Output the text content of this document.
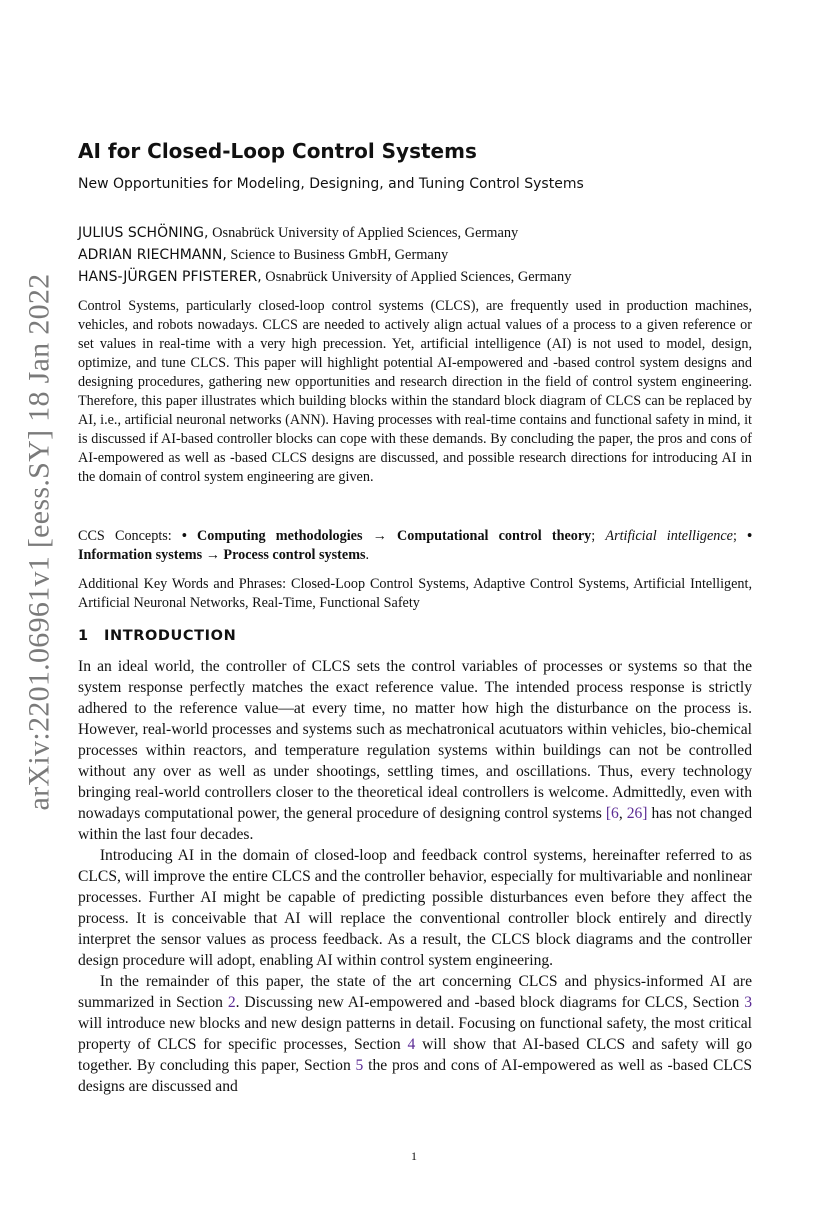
arXiv:2201.06961v1 [eess.SY] 18 Jan 2022
AI for Closed-Loop Control Systems
New Opportunities for Modeling, Designing, and Tuning Control Systems
JULIUS SCHÖNING, Osnabrück University of Applied Sciences, Germany
ADRIAN RIECHMANN, Science to Business GmbH, Germany
HANS-JÜRGEN PFISTERER, Osnabrück University of Applied Sciences, Germany

Control Systems, particularly closed-loop control systems (CLCS), are frequently used in production machines, vehicles, and robots nowadays. CLCS are needed to actively align actual values of a process to a given reference or set values in real-time with a very high precession. Yet, artificial intelligence (AI) is not used to model, design, optimize, and tune CLCS. This paper will highlight potential AI-empowered and -based control system designs and designing procedures, gathering new opportunities and research direction in the field of control system engineering. Therefore, this paper illustrates which building blocks within the standard block diagram of CLCS can be replaced by AI, i.e., artificial neuronal networks (ANN). Having processes with real-time contains and functional safety in mind, it is discussed if AI-based controller blocks can cope with these demands. By concluding the paper, the pros and cons of AI-empowered as well as -based CLCS designs are discussed, and possible research directions for introducing AI in the domain of control system engineering are given.

CCS Concepts: • Computing methodologies → Computational control theory; Artificial intelligence; • Information systems → Process control systems.

Additional Key Words and Phrases: Closed-Loop Control Systems, Adaptive Control Systems, Artificial Intelligent, Artificial Neuronal Networks, Real-Time, Functional Safety

1 INTRODUCTION

In an ideal world, the controller of CLCS sets the control variables of processes or systems so that the system response perfectly matches the exact reference value. The intended process response is strictly adhered to the reference value—at every time, no matter how high the disturbance on the process is. However, real-world processes and systems such as mechatronical acutuators within vehicles, bio-chemical processes within reactors, and temperature regulation systems within buildings can not be controlled without any over as well as under shootings, settling times, and oscillations. Thus, every technology bringing real-world controllers closer to the theoretical ideal controllers is welcome. Admittedly, even with nowadays computational power, the general procedure of designing control systems [6, 26] has not changed within the last four decades.

Introducing AI in the domain of closed-loop and feedback control systems, hereinafter referred to as CLCS, will improve the entire CLCS and the controller behavior, especially for multivariable and nonlinear processes. Further AI might be capable of predicting possible disturbances even before they affect the process. It is conceivable that AI will replace the conventional controller block entirely and directly interpret the sensor values as process feedback. As a result, the CLCS block diagrams and the controller design procedure will adopt, enabling AI within control system engineering.

In the remainder of this paper, the state of the art concerning CLCS and physics-informed AI are summarized in Section 2. Discussing new AI-empowered and -based block diagrams for CLCS, Section 3 will introduce new blocks and new design patterns in detail. Focusing on functional safety, the most critical property of CLCS for specific processes, Section 4 will show that AI-based CLCS and safety will go together. By concluding this paper, Section 5 the pros and cons of AI-empowered as well as -based CLCS designs are discussed and

1
